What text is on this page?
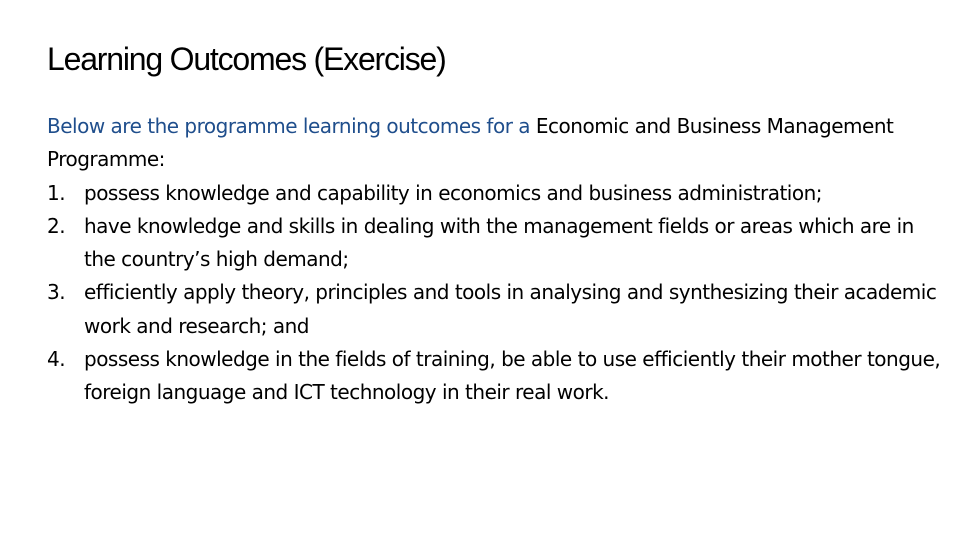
Learning Outcomes (Exercise)

Below are the programme learning outcomes for a Economic and Business Management Programme:

1. possess knowledge and capability in economics and business administration;
2. have knowledge and skills in dealing with the management fields or areas which are in the country’s high demand;
3. efficiently apply theory, principles and tools in analysing and synthesizing their academic work and research; and
4. possess knowledge in the fields of training, be able to use efficiently their mother tongue, foreign language and ICT technology in their real work.
